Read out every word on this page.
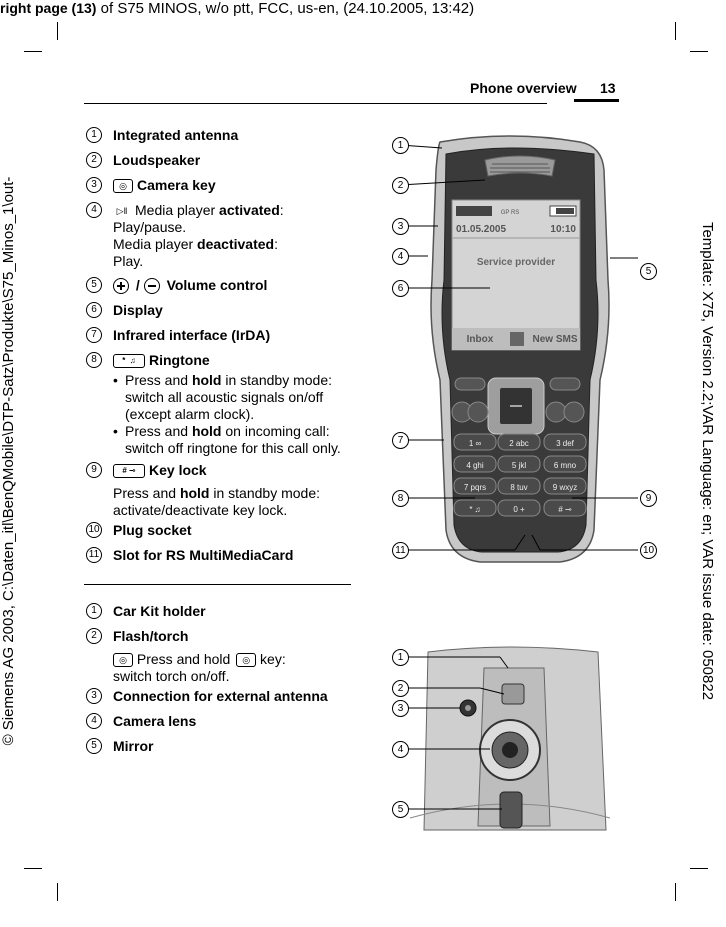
right page (13) of S75 MINOS, w/o ptt, FCC, us-en, (24.10.2005, 13:42)
© Siemens AG 2003, C:\Daten_itl\BenQMobile\DTP-Satz\Produkte\S75_Minos_1\out-	Template: X75, Version 2.2;VAR Language: en; VAR issue date: 050822
Phone overview 13
1	Integrated antenna
2	Loudspeaker
3	◎ Camera key
4	▷‖ Media player activated:
Play/pause.
Media player deactivated:
Play.
5	/
Volume control
6	Display
7	Infrared interface (IrDA)
8	*  ♫ Ringtone
• Press and hold in standby mode:
switch all acoustic signals on/off
(except alarm clock).
• Press and hold on incoming call:
switch off ringtone for this call only.
9	# ⊸ Key lock
Press and hold in standby mode:
activate/deactivate key lock.
10 Plug socket
11 Slot for RS MultiMediaCard
1	Car Kit holder
2	Flash/torch
◎ Press and hold ◎ key:
switch torch on/off.
3	Connection for external antenna
4	Camera lens
5	Mirror
GP RS
01.05.2005	10:10
Service provider
Inbox	New SMS
1 ∞	2 abc	3 def
4 ghi	5 jkl	6 mno
7 pqrs	8 tuv	9 wxyz
* ♫	0 +	# ⊸
1
2
3
4
5
6
7
8	9
10
11
1
2
3
4
5
